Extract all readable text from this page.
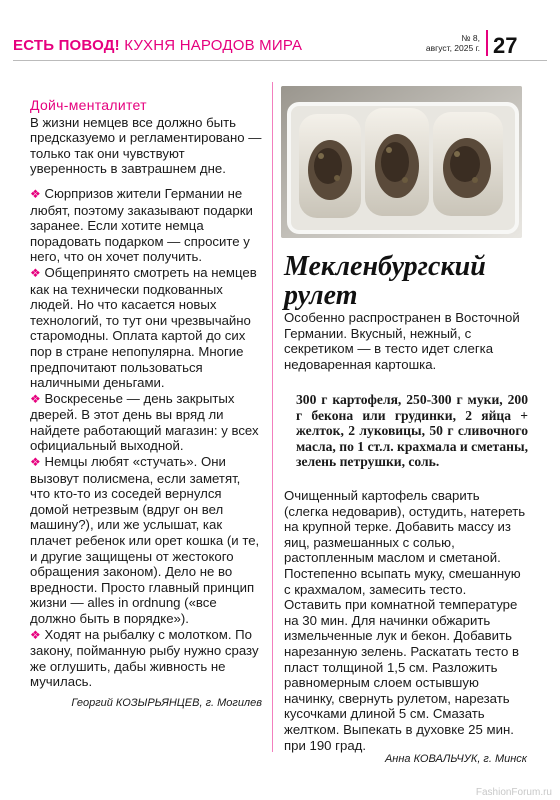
ЕСТЬ ПОВОД! КУХНЯ НАРОДОВ МИРА	№ 8,
август, 2025 г. 27
Дойч-менталитет

В жизни немцев все должно быть предсказуемо и регламентировано — только так они чувствуют уверенность в завтрашнем дне.

❖ Сюрпризов жители Германии не любят, поэтому заказывают подарки заранее. Если хотите немца порадовать подарком — спросите у него, что он хочет получить.

❖ Общепринято смотреть на немцев как на технически подкованных людей. Но что касается новых технологий, то тут они чрезвычайно старомодны. Оплата картой до сих пор в стране непопулярна. Многие предпочитают пользоваться наличными деньгами.

❖ Воскресенье — день закрытых дверей. В этот день вы вряд ли найдете работающий магазин: у всех официальный выходной.

❖ Немцы любят «стучать». Они вызовут полисмена, если заметят, что кто-то из соседей вернулся домой нетрезвым (вдруг он вел машину?), или же услышат, как плачет ребенок или орет кошка (и те, и другие защищены от жестокого обращения законом). Дело не во вредности. Просто главный принцип жизни — alles in ordnung («все должно быть в порядке»).

❖ Ходят на рыбалку с молотком. По закону, пойманную рыбу нужно сразу же оглушить, дабы живность не мучилась.

Георгий КОЗЫРЬЯНЦЕВ, г. Могилев
Мекленбургский рулет
Особенно распространен в Восточной Германии. Вкусный, нежный, с секретиком — в тесто идет слегка недоваренная картошка.
300 г картофеля, 250-300 г муки, 200 г бекона или грудинки, 2 яйца + желток, 2 луковицы, 50 г сливочного масла, по 1 ст.л. крахмала и сметаны, зелень петрушки, соль.
Очищенный картофель сварить (слегка недоварив), остудить, натереть на крупной терке. Добавить массу из яиц, размешанных с солью, растопленным маслом и сметаной. Постепенно всыпать муку, смешанную с крахмалом, замесить тесто. Оставить при комнатной температуре на 30 мин. Для начинки обжарить измельченные лук и бекон. Добавить нарезанную зелень. Раскатать тесто в пласт толщиной 1,5 см. Разложить равномерным слоем остывшую начинку, свернуть рулетом, нарезать кусочками длиной 5 см. Смазать желтком. Выпекать в духовке 25 мин. при 190 град.
Анна КОВАЛЬЧУК, г. Минск
FashionForum.ru
